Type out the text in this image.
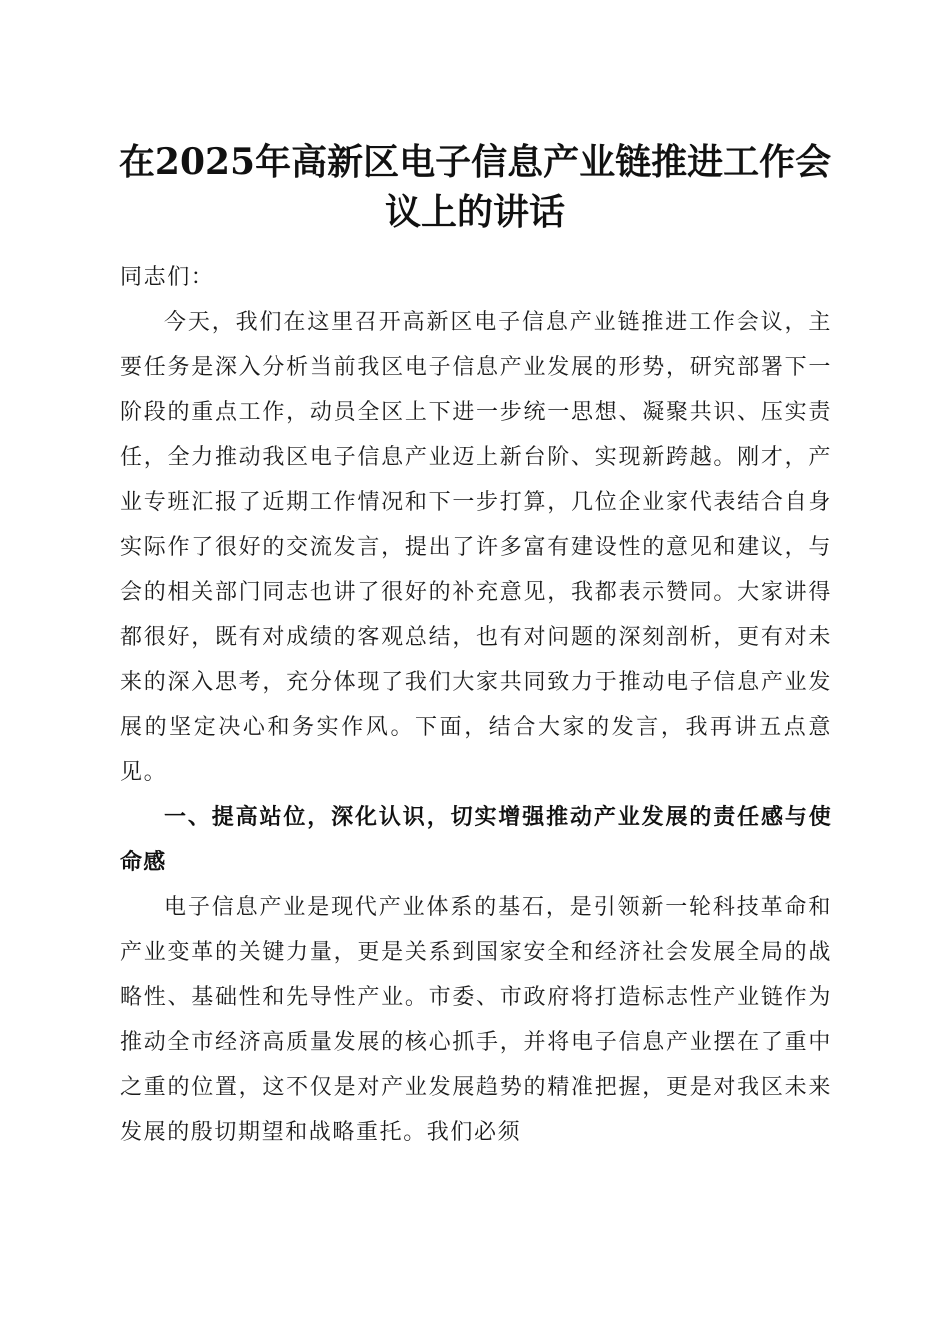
在2025年高新区电子信息产业链推进工作会
议上的讲话

同志们：

今天，我们在这里召开高新区电子信息产业链推进工作会议，主要任务是深入分析当前我区电子信息产业发展的形势，研究部署下一阶段的重点工作，动员全区上下进一步统一思想、凝聚共识、压实责任，全力推动我区电子信息产业迈上新台阶、实现新跨越。刚才，产业专班汇报了近期工作情况和下一步打算，几位企业家代表结合自身实际作了很好的交流发言，提出了许多富有建设性的意见和建议，与会的相关部门同志也讲了很好的补充意见，我都表示赞同。大家讲得都很好，既有对成绩的客观总结，也有对问题的深刻剖析，更有对未来的深入思考，充分体现了我们大家共同致力于推动电子信息产业发展的坚定决心和务实作风。下面，结合大家的发言，我再讲五点意见。

一、提高站位，深化认识，切实增强推动产业发展的责任感与使命感

电子信息产业是现代产业体系的基石，是引领新一轮科技革命和产业变革的关键力量，更是关系到国家安全和经济社会发展全局的战略性、基础性和先导性产业。市委、市政府将打造标志性产业链作为推动全市经济高质量发展的核心抓手，并将电子信息产业摆在了重中之重的位置，这不仅是对产业发展趋势的精准把握，更是对我区未来发展的殷切期望和战略重托。我们必须
